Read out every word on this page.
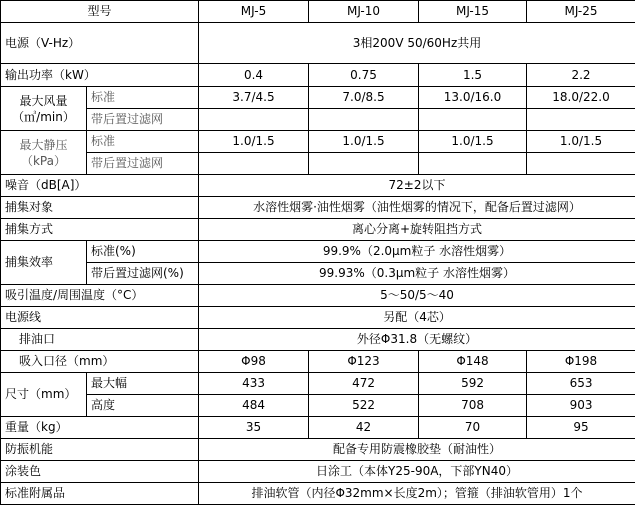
型号		MJ-5	MJ-10	MJ-15	MJ-25
电源（V-Hz）		3相200V 50/60Hz共用			
输出功率（kW）		0.4	0.75	1.5	2.2

最大风量
（㎥/min）	标准	3.7/4.5	7.0/8.5	13.0/16.0	18.0/22.0
	带后置过滤网				

最大静压
（kPa）	标准	1.0/1.5	1.0/1.5	1.0/1.5	1.0/1.5
	带后置过滤网				
噪音（dB[A]）		72±2以下			
捕集对象		水溶性烟雾·油性烟雾（油性烟雾的情况下，配备后置过滤网）			
捕集方式		离心分离+旋转阻挡方式			
捕集效率	标准(%)	99.9%（2.0μm粒子 水溶性烟雾）			
	带后置过滤网(%)	99.93%（0.3μm粒子 水溶性烟雾）			
吸引温度/周围温度（°C）		5～50/5～40			
电源线		另配（4芯）			
排油口		外径Φ31.8（无螺纹）			
吸入口径（mm）		Φ98	Φ123	Φ148	Φ198
尺寸（mm）	最大幅	433	472	592	653
	高度	484	522	708	903
重量（kg）		35	42	70	95
防振机能		配备专用防震橡胶垫（耐油性）			
涂装色		日涂工（本体Y25-90A，下部YN40）			
标准附属品		排油软管（内径Φ32mm×长度2m）；管箍（排油软管用）1个			
